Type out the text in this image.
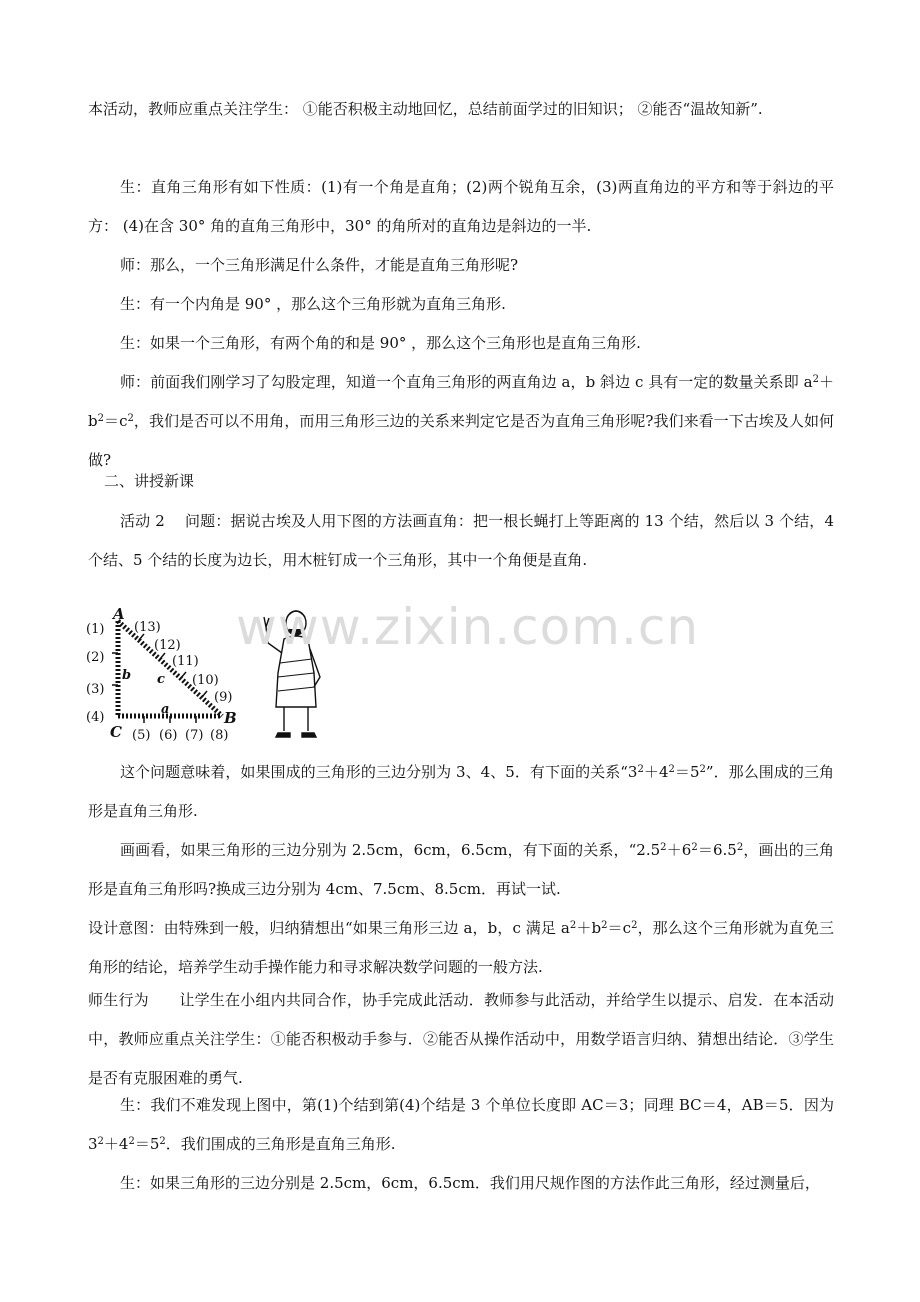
本活动，教师应重点关注学生： ①能否积极主动地回忆，总结前面学过的旧知识； ②能否“温故知新”.

生：直角三角形有如下性质：(1)有一个角是直角；(2)两个锐角互余，(3)两直角边的平方和等于斜边的平方： (4)在含 30° 角的直角三角形中，30° 的角所对的直角边是斜边的一半.

师：那么，一个三角形满足什么条件，才能是直角三角形呢?

生：有一个内角是 90° ，那么这个三角形就为直角三角形.

生：如果一个三角形，有两个角的和是 90° ，那么这个三角形也是直角三角形.

师：前面我们刚学习了勾股定理，知道一个直角三角形的两直角边 a，b 斜边 c 具有一定的数量关系即 $a^2+b^2=c^2$，我们是否可以不用角，而用三角形三边的关系来判定它是否为直角三角形呢?我们来看一下古埃及人如何做?

二、讲授新课

活动 2　 问题：据说古埃及人用下图的方法画直角：把一根长蝇打上等距离的 13 个结，然后以 3 个结，4 个结、5 个结的长度为边长，用木桩钉成一个三角形，其中一个角便是直角.

A
B
C
a
b c
(1)
(2)
(3)
(4)
(5) (6) (7) (8)
(9)
(10)
(11)
(12)
(13) www.zixin.com.cn

这个问题意味着，如果围成的三角形的三边分别为 3、4、5．有下面的关系“$3^2+4^2=5^2$”．那么围成的三角形是直角三角形.

画画看，如果三角形的三边分别为 2.5cm，6cm，6.5cm，有下面的关系，“$2.5^2+6^2=6.5^2$，画出的三角形是直角三角形吗?换成三边分别为 4cm、7.5cm、8.5cm．再试一试.

设计意图：由特殊到一般，归纳猜想出“如果三角形三边 a，b，c 满足 $a^2+b^2=c^2$，那么这个三角形就为直免三角形的结论，培养学生动手操作能力和寻求解决数学问题的一般方法.

师生行为　　让学生在小组内共同合作，协手完成此活动．教师参与此活动，并给学生以提示、启发．在本活动中，教师应重点关注学生：①能否积极动手参与．②能否从操作活动中，用数学语言归纳、猜想出结论．③学生是否有克服困难的勇气.

生：我们不难发现上图中，第(1)个结到第(4)个结是 3 个单位长度即 AC＝3；同理 BC＝4，AB＝5．因为 $3^2+4^2=5^2$．我们围成的三角形是直角三角形.

生：如果三角形的三边分别是 2.5cm，6cm，6.5cm．我们用尺规作图的方法作此三角形，经过测量后，
